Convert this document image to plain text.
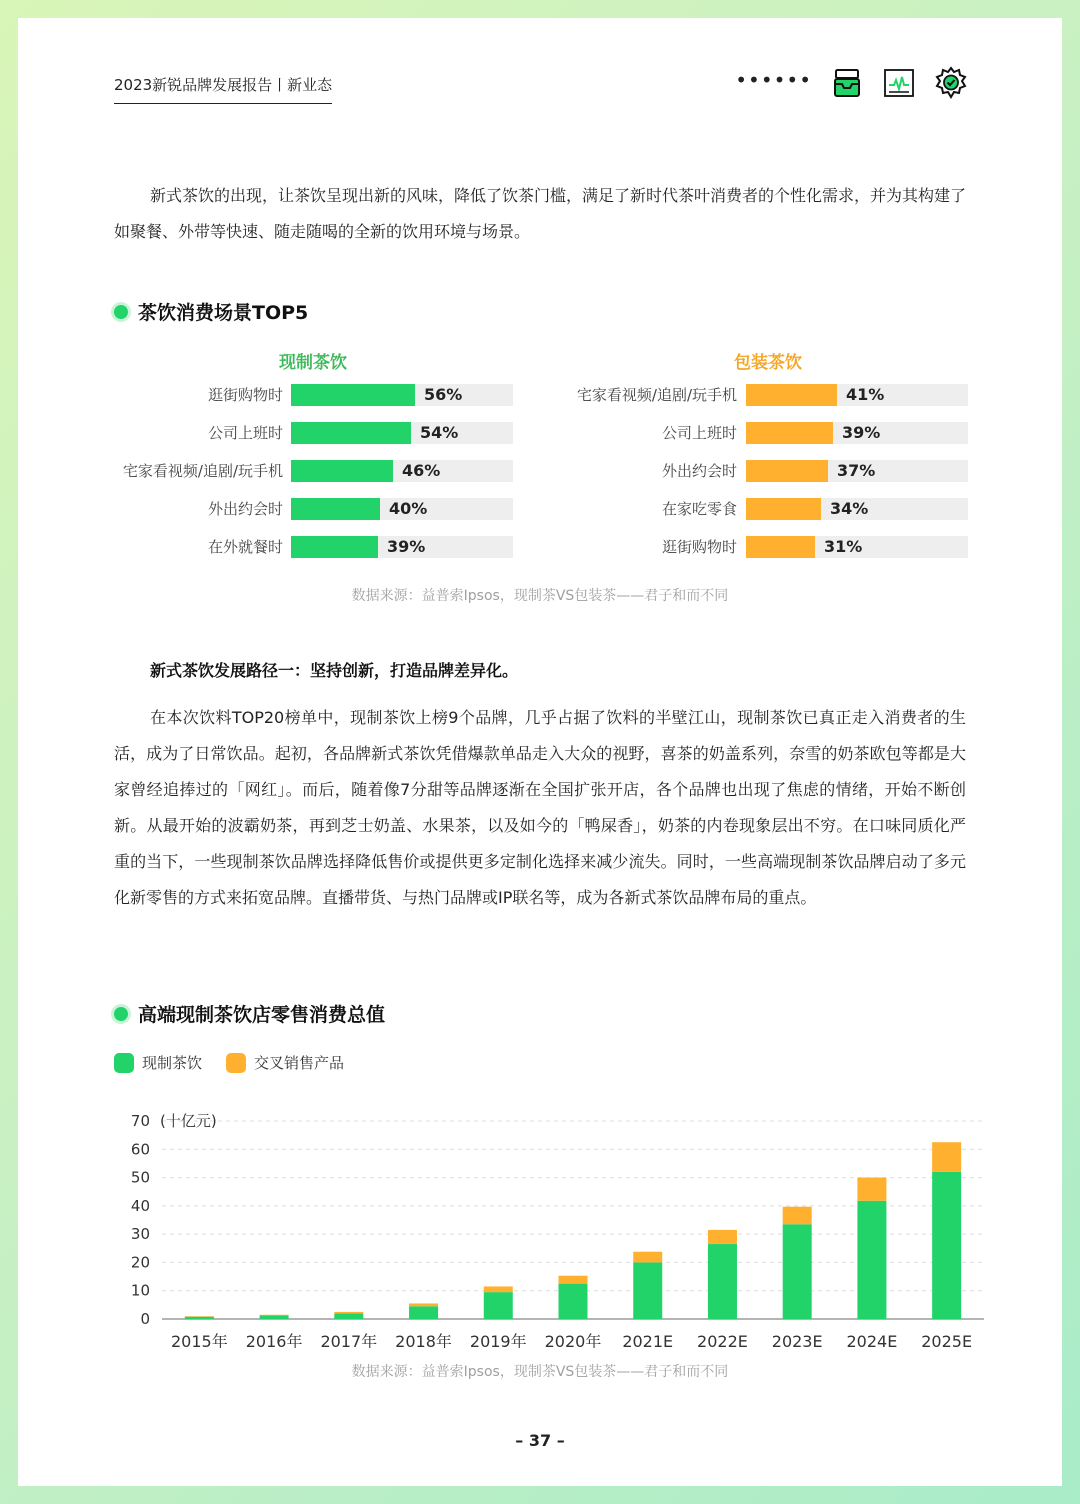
2023新锐品牌发展报告丨新业态	••••••

新式茶饮的出现，让茶饮呈现出新的风味，降低了饮茶门槛，满足了新时代茶叶消费者的个性化需求，并为其构建了如聚餐、外带等快速、随走随喝的全新的饮用环境与场景。

茶饮消费场景TOP5
现制茶饮	包装茶饮
逛街购物时	56%
公司上班时	54%
宅家看视频/追剧/玩手机	46%
外出约会时	40%
在外就餐时	39%
宅家看视频/追剧/玩手机	41%
公司上班时	39%
外出约会时	37%
在家吃零食	34%
逛街购物时	31%
数据来源：益普索Ipsos，现制茶VS包装茶——君子和而不同
新式茶饮发展路径一：坚持创新，打造品牌差异化。

在本次饮料TOP20榜单中，现制茶饮上榜9个品牌，几乎占据了饮料的半壁江山，现制茶饮已真正走入消费者的生活，成为了日常饮品。起初，各品牌新式茶饮凭借爆款单品走入大众的视野，喜茶的奶盖系列，奈雪的奶茶欧包等都是大家曾经追捧过的「网红」。而后，随着像7分甜等品牌逐渐在全国扩张开店，各个品牌也出现了焦虑的情绪，开始不断创新。从最开始的波霸奶茶，再到芝士奶盖、水果茶，以及如今的「鸭屎香」，奶茶的内卷现象层出不穷。在口味同质化严重的当下，一些现制茶饮品牌选择降低售价或提供更多定制化选择来减少流失。同时，一些高端现制茶饮品牌启动了多元化新零售的方式来拓宽品牌。直播带货、与热门品牌或IP联名等，成为各新式茶饮品牌布局的重点。

高端现制茶饮店零售消费总值
现制茶饮	交叉销售产品
0
10
20
30
40
50
60
70 (十亿元)
2015年 2016年 2017年 2018年 2019年 2020年 2021E 2022E 2023E 2024E 2025E
数据来源：益普索Ipsos，现制茶VS包装茶——君子和而不同
– 37 –
